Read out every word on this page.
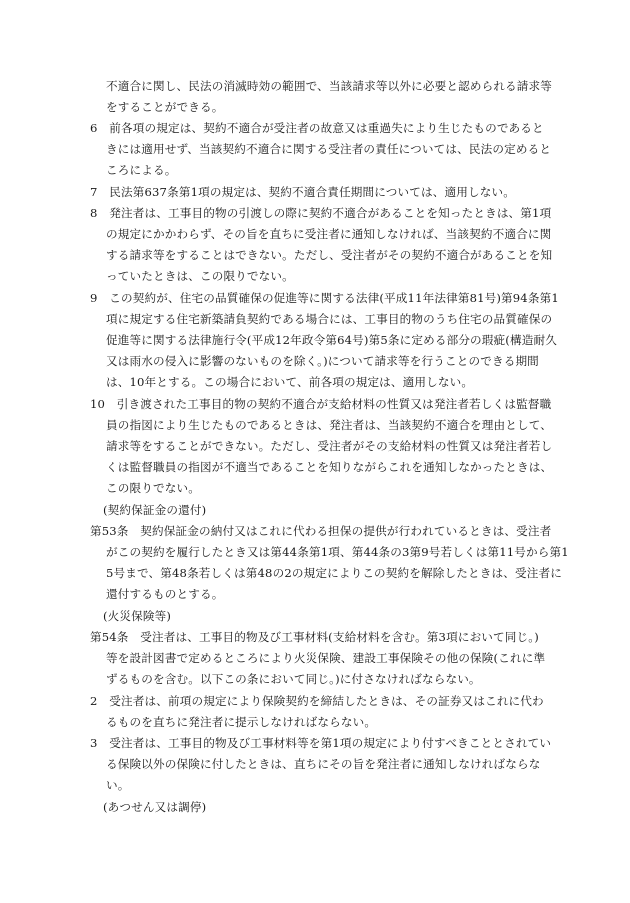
不適合に関し、民法の消滅時効の範囲で、当該請求等以外に必要と認められる請求等
をすることができる。
6　前各項の規定は、契約不適合が受注者の故意又は重過失により生じたものであると
きには適用せず、当該契約不適合に関する受注者の責任については、民法の定めると
ころによる。
7　民法第637条第1項の規定は、契約不適合責任期間については、適用しない。
8　発注者は、工事目的物の引渡しの際に契約不適合があることを知ったときは、第1項
の規定にかかわらず、その旨を直ちに受注者に通知しなければ、当該契約不適合に関
する請求等をすることはできない。ただし、受注者がその契約不適合があることを知
っていたときは、この限りでない。
9　この契約が、住宅の品質確保の促進等に関する法律(平成11年法律第81号)第94条第1
項に規定する住宅新築請負契約である場合には、工事目的物のうち住宅の品質確保の
促進等に関する法律施行令(平成12年政令第64号)第5条に定める部分の瑕疵(構造耐久
又は雨水の侵入に影響のないものを除く。)について請求等を行うことのできる期間
は、10年とする。この場合において、前各項の規定は、適用しない。
10　引き渡された工事目的物の契約不適合が支給材料の性質又は発注者若しくは監督職
員の指図により生じたものであるときは、発注者は、当該契約不適合を理由として、
請求等をすることができない。ただし、受注者がその支給材料の性質又は発注者若し
くは監督職員の指図が不適当であることを知りながらこれを通知しなかったときは、
この限りでない。
(契約保証金の還付)
第53条　契約保証金の納付又はこれに代わる担保の提供が行われているときは、受注者
がこの契約を履行したとき又は第44条第1項、第44条の3第9号若しくは第11号から第1
5号まで、第48条若しくは第48の2の規定によりこの契約を解除したときは、受注者に
還付するものとする。
(火災保険等)
第54条　受注者は、工事目的物及び工事材料(支給材料を含む。第3項において同じ。)
等を設計図書で定めるところにより火災保険、建設工事保険その他の保険(これに準
ずるものを含む。以下この条において同じ。)に付さなければならない。
2　受注者は、前項の規定により保険契約を締結したときは、その証券又はこれに代わ
るものを直ちに発注者に提示しなければならない。
3　受注者は、工事目的物及び工事材料等を第1項の規定により付すべきこととされてい
る保険以外の保険に付したときは、直ちにその旨を発注者に通知しなければならな
い。
(あつせん又は調停)
